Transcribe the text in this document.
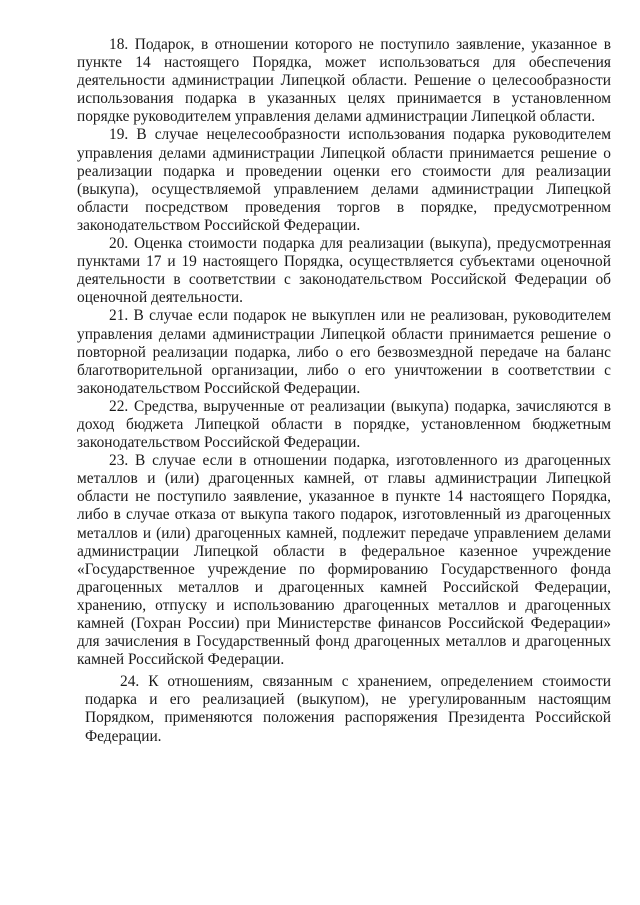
18. Подарок, в отношении которого не поступило заявление, указанное в пункте 14 настоящего Порядка, может использоваться для обеспечения деятельности администрации Липецкой области. Решение о целесообразности использования подарка в указанных целях принимается в установленном порядке руководителем управления делами администрации Липецкой области.

19. В случае нецелесообразности использования подарка руководителем управления делами администрации Липецкой области принимается решение о реализации подарка и проведении оценки его стоимости для реализации (выкупа), осуществляемой управлением делами администрации Липецкой области посредством проведения торгов в порядке, предусмотренном законодательством Российской Федерации.

20. Оценка стоимости подарка для реализации (выкупа), предусмотренная пунктами 17 и 19 настоящего Порядка, осуществляется субъектами оценочной деятельности в соответствии с законодательством Российской Федерации об оценочной деятельности.

21. В случае если подарок не выкуплен или не реализован, руководителем управления делами администрации Липецкой области принимается решение о повторной реализации подарка, либо о его безвозмездной передаче на баланс благотворительной организации, либо о его уничтожении в соответствии с законодательством Российской Федерации.

22. Средства, вырученные от реализации (выкупа) подарка, зачисляются в доход бюджета Липецкой области в порядке, установленном бюджетным законодательством Российской Федерации.

23. В случае если в отношении подарка, изготовленного из драгоценных металлов и (или) драгоценных камней, от главы администрации Липецкой области не поступило заявление, указанное в пункте 14 настоящего Порядка, либо в случае отказа от выкупа такого подарок, изготовленный из драгоценных металлов и (или) драгоценных камней, подлежит передаче управлением делами администрации Липецкой области в федеральное казенное учреждение «Государственное учреждение по формированию Государственного фонда драгоценных металлов и драгоценных камней Российской Федерации, хранению, отпуску и использованию драгоценных металлов и драгоценных камней (Гохран России) при Министерстве финансов Российской Федерации» для зачисления в Государственный фонд драгоценных металлов и драгоценных камней Российской Федерации.

24. К отношениям, связанным с хранением, определением стоимости подарка и его реализацией (выкупом), не урегулированным настоящим Порядком, применяются положения распоряжения Президента Российской Федерации.
